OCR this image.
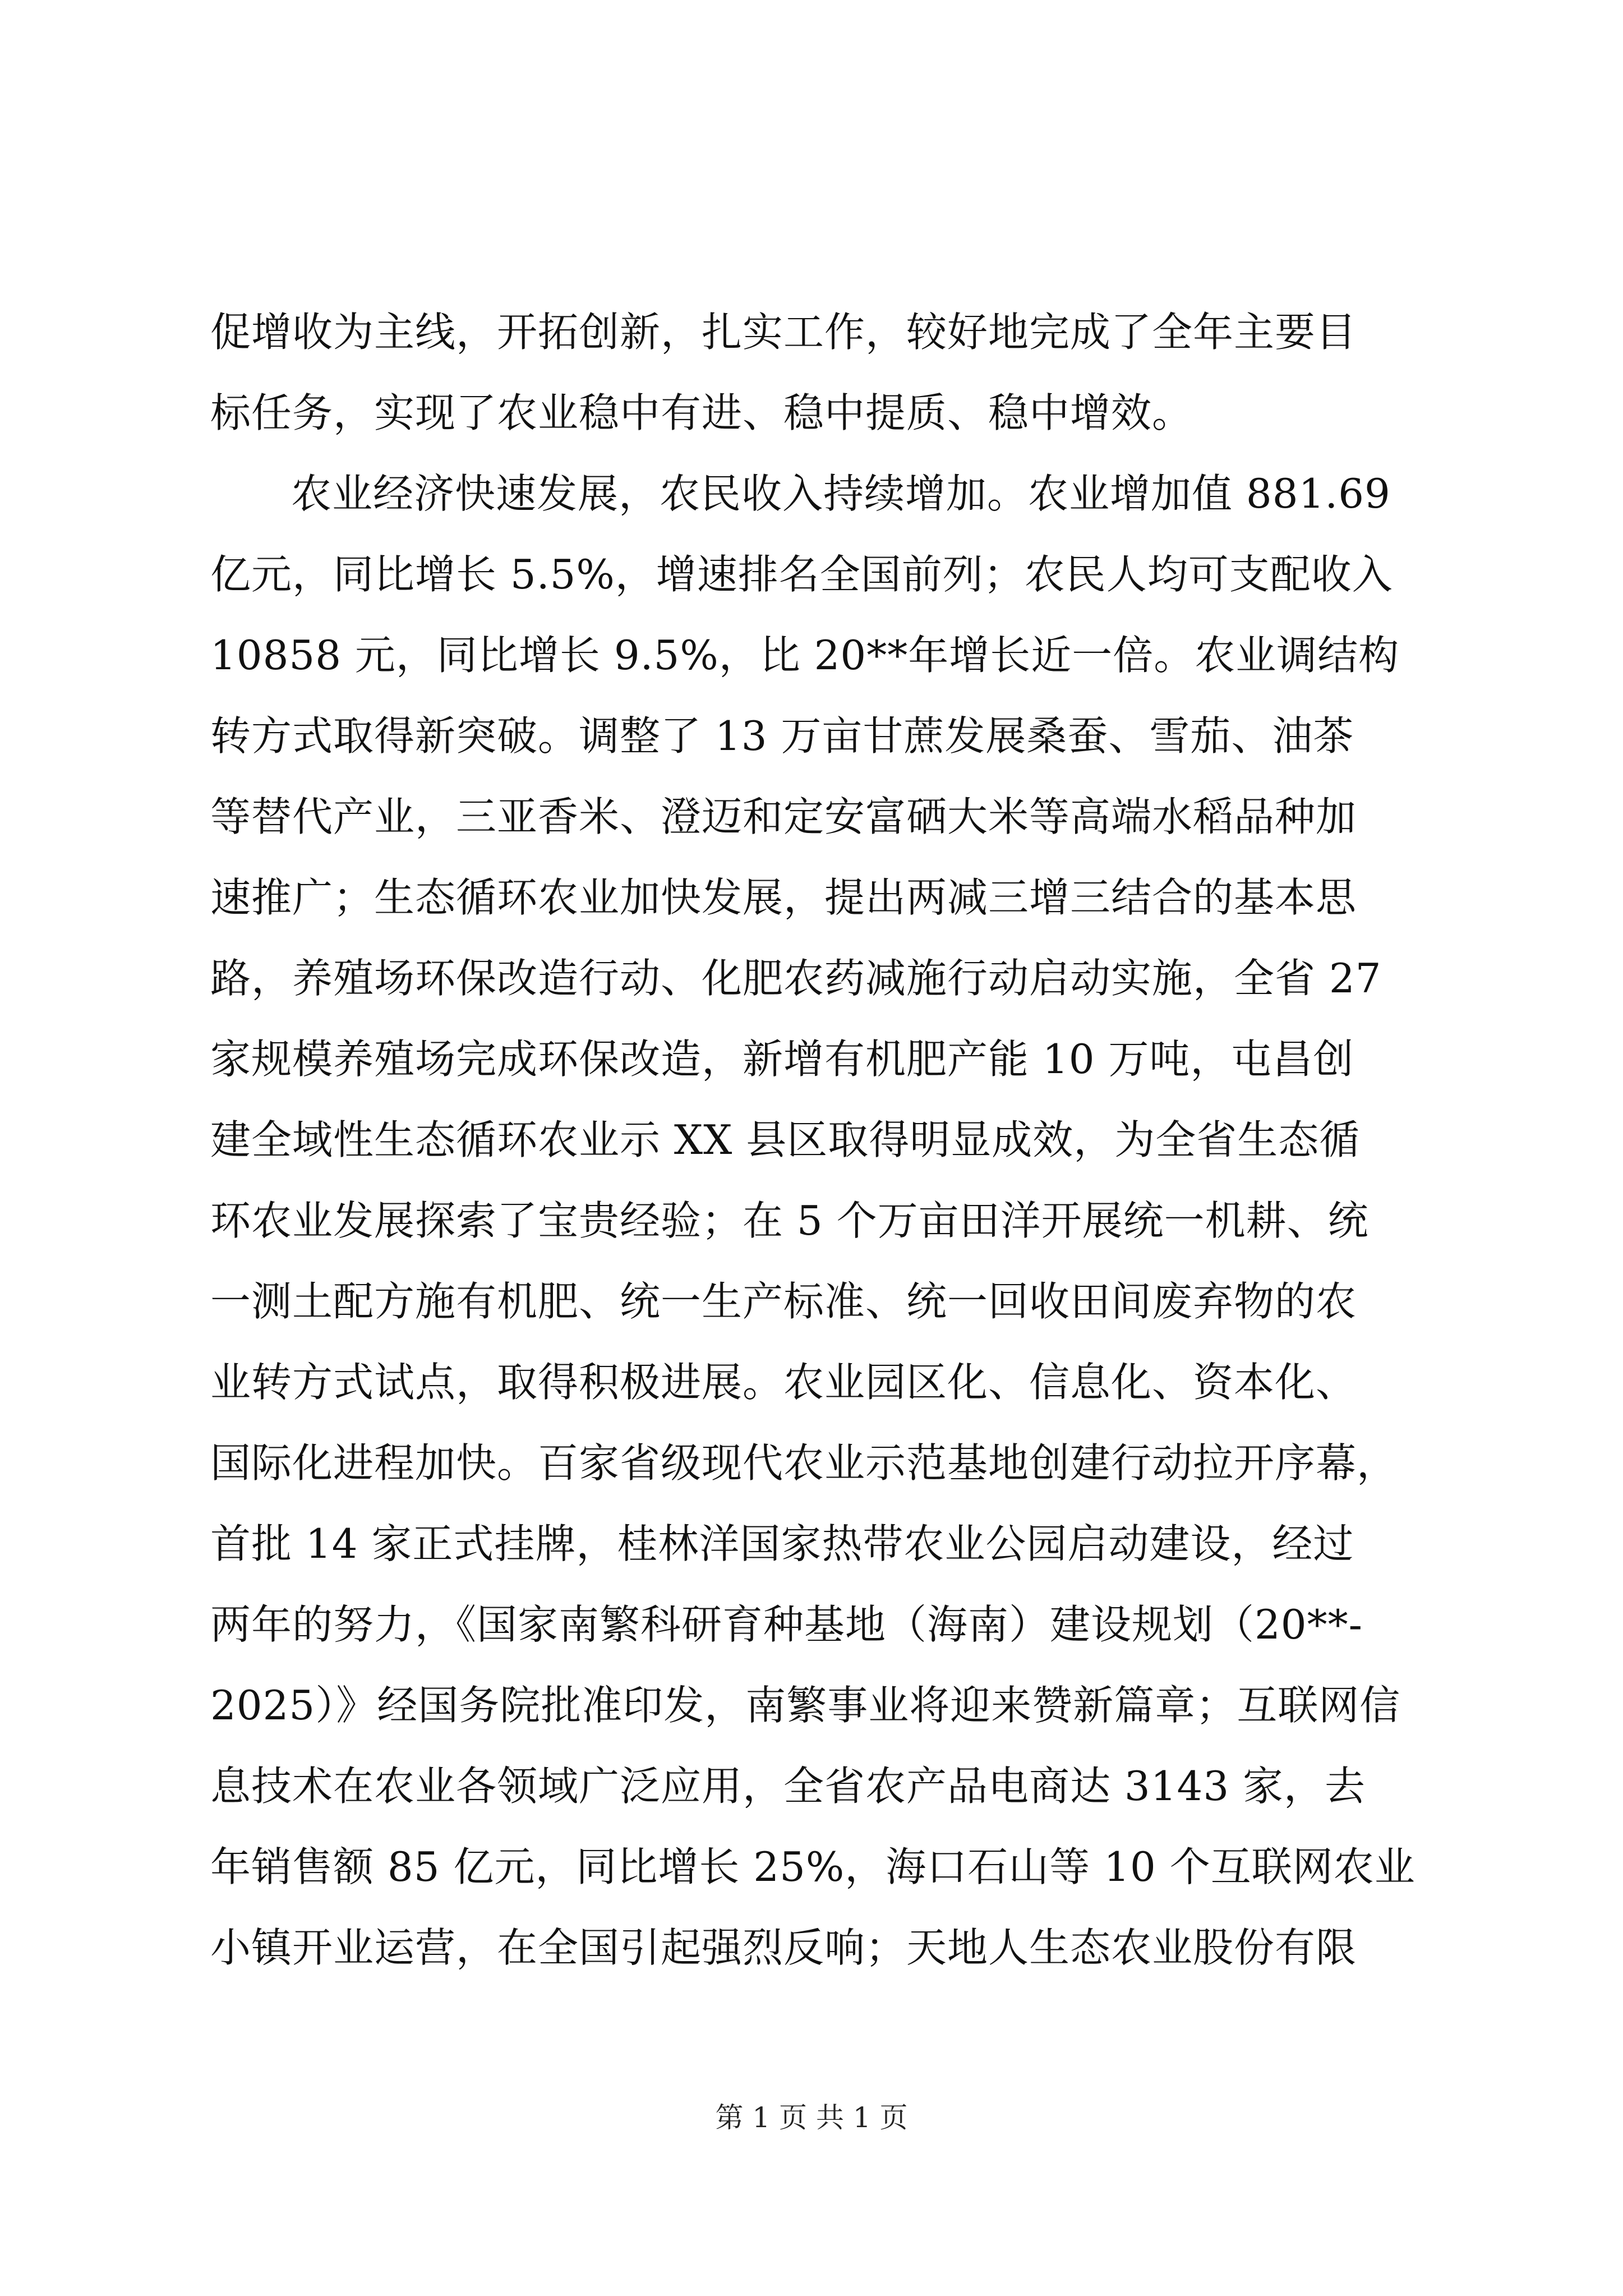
促增收为主线，开拓创新，扎实工作，较好地完成了全年主要目
标任务，实现了农业稳中有进、稳中提质、稳中增效。
农业经济快速发展，农民收入持续增加。农业增加值 881.69
亿元，同比增长 5.5%，增速排名全国前列；农民人均可支配收入
10858 元，同比增长 9.5%，比 20**年增长近一倍。农业调结构
转方式取得新突破。调整了 13 万亩甘蔗发展桑蚕、雪茄、油茶
等替代产业，三亚香米、澄迈和定安富硒大米等高端水稻品种加
速推广；生态循环农业加快发展，提出两减三增三结合的基本思
路，养殖场环保改造行动、化肥农药减施行动启动实施，全省 27
家规模养殖场完成环保改造，新增有机肥产能 10 万吨，屯昌创
建全域性生态循环农业示 XX 县区取得明显成效，为全省生态循
环农业发展探索了宝贵经验；在 5 个万亩田洋开展统一机耕、统
一测土配方施有机肥、统一生产标准、统一回收田间废弃物的农
业转方式试点，取得积极进展。农业园区化、信息化、资本化、
国际化进程加快。百家省级现代农业示范基地创建行动拉开序幕，
首批 14 家正式挂牌，桂林洋国家热带农业公园启动建设，经过
两年的努力，《国家南繁科研育种基地（海南）建设规划（20**-
2025）》经国务院批准印发，南繁事业将迎来赞新篇章；互联网信
息技术在农业各领域广泛应用，全省农产品电商达 3143 家，去
年销售额 85 亿元，同比增长 25%，海口石山等 10 个互联网农业
小镇开业运营，在全国引起强烈反响；天地人生态农业股份有限
第 1 页 共 1 页
